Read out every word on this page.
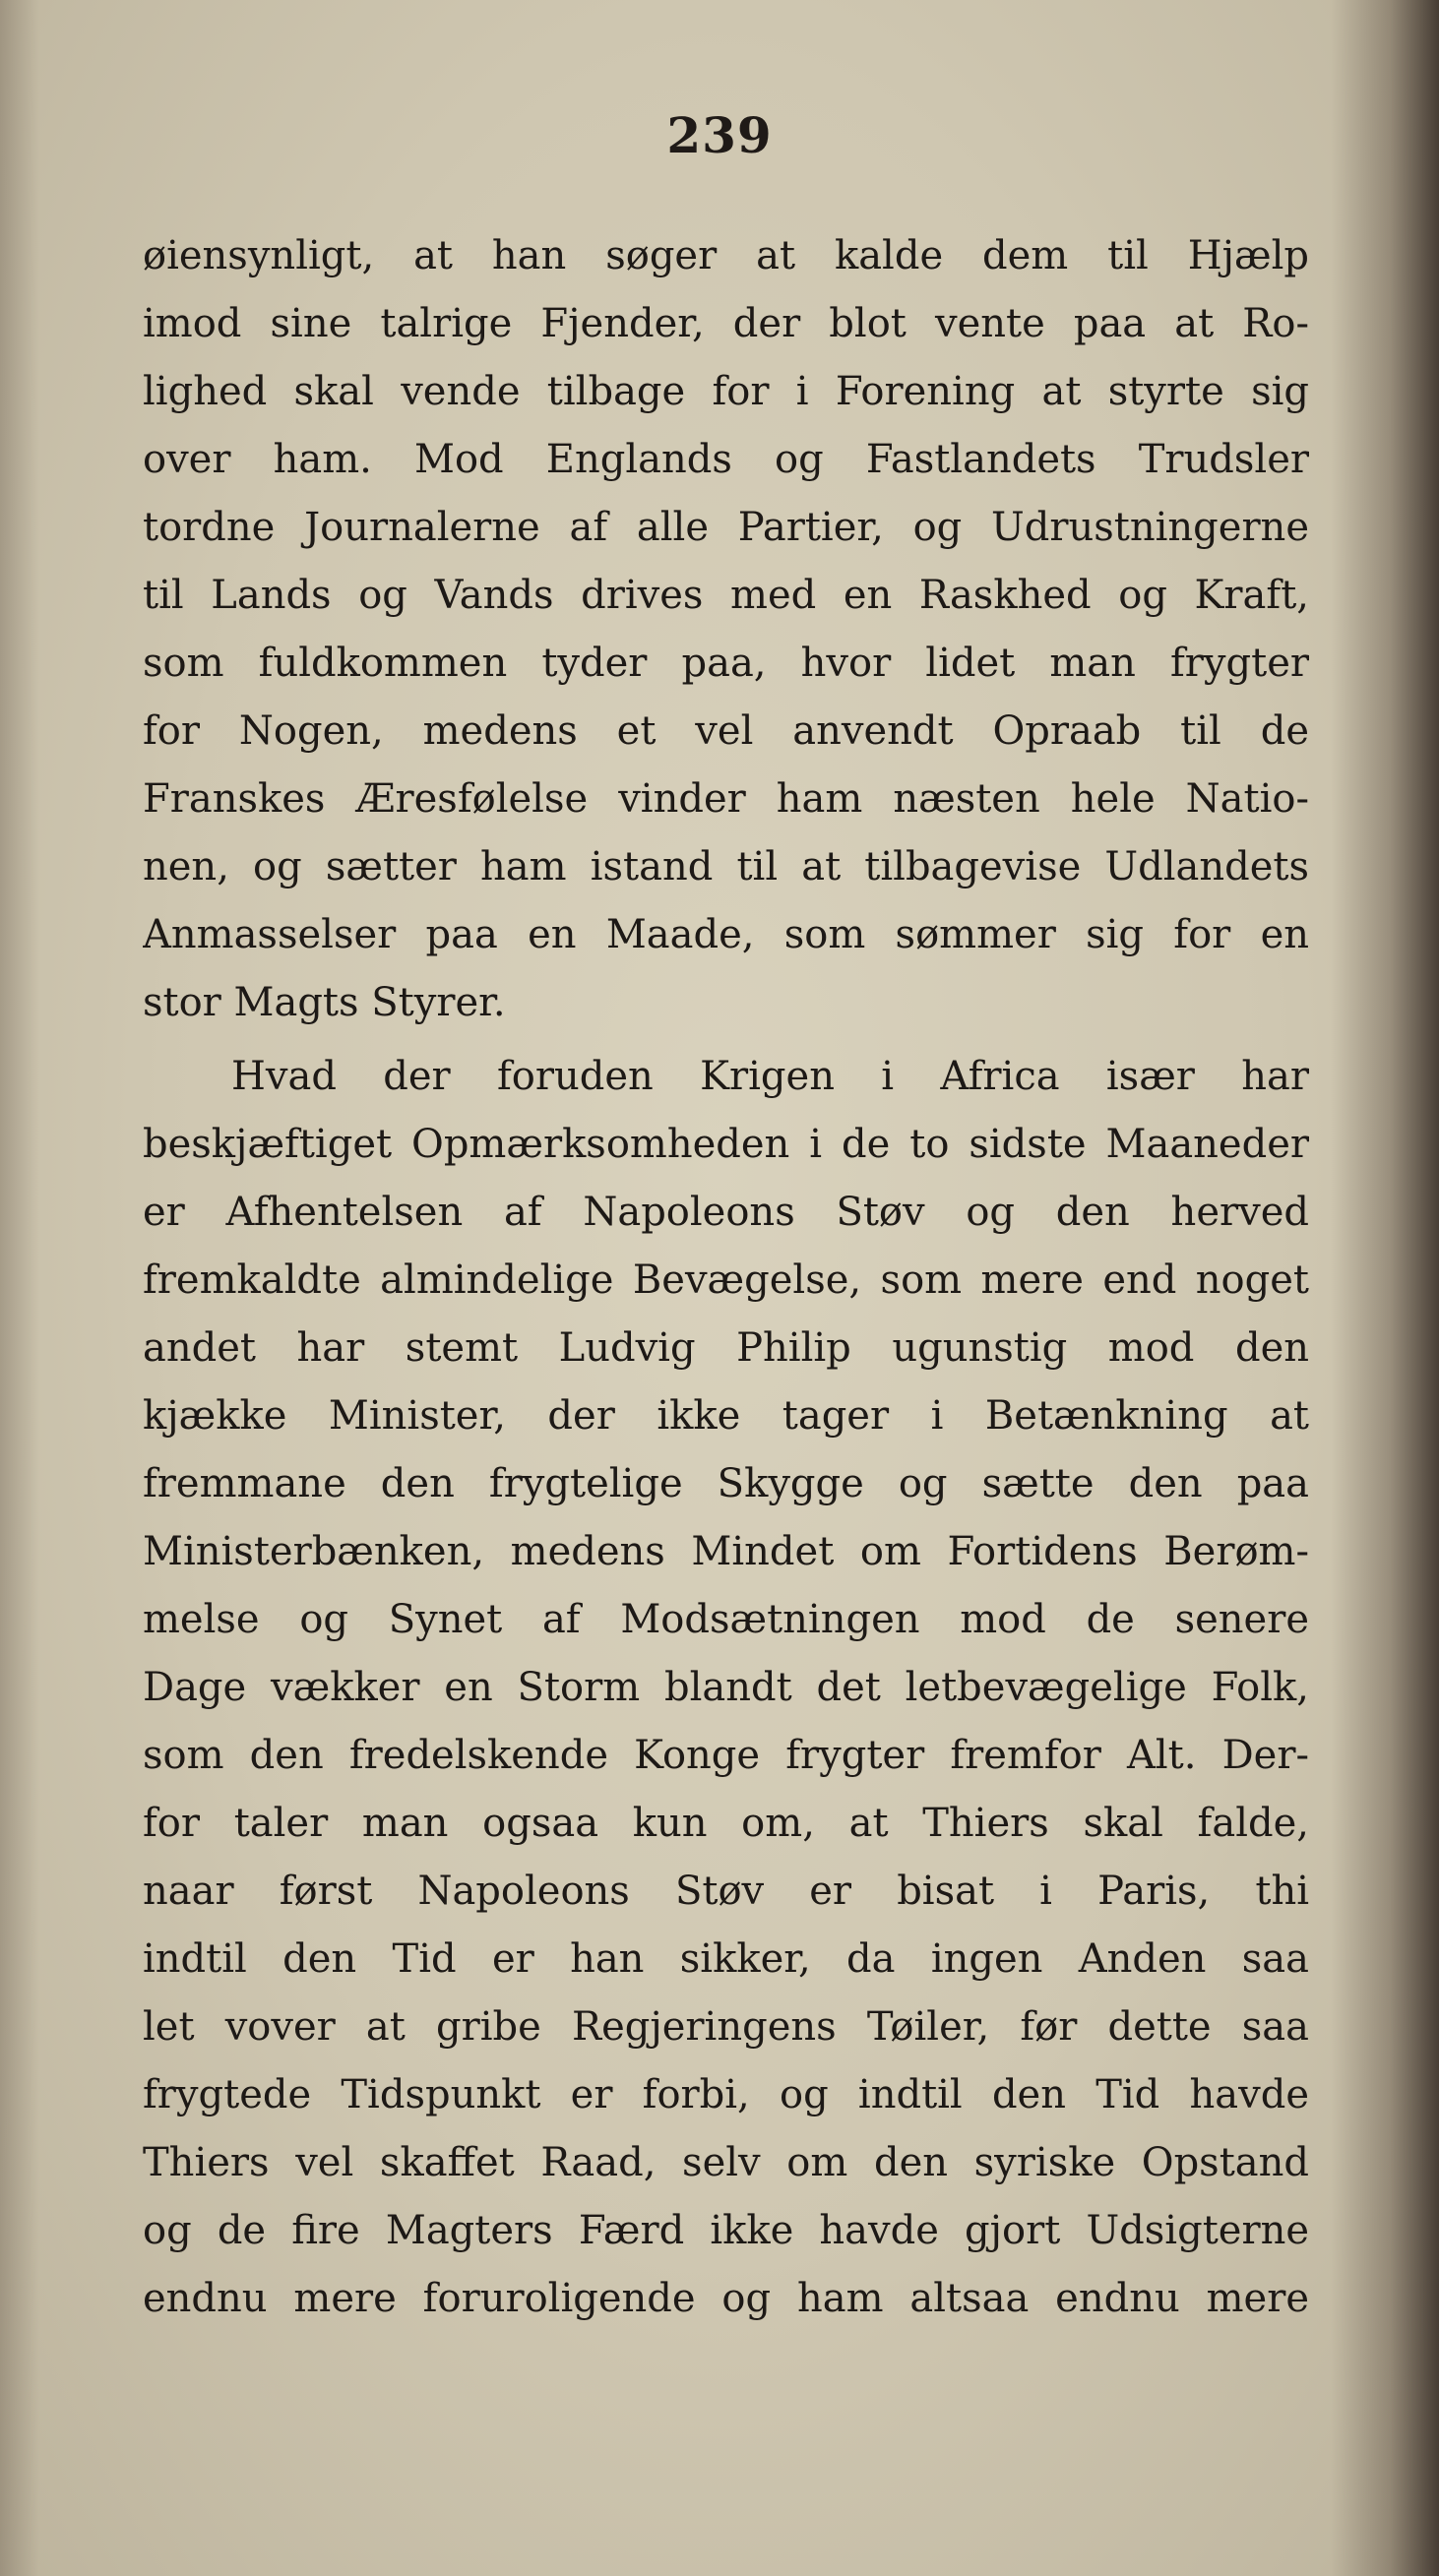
239
øiensynligt, at han søger at kalde dem til Hjælp
imod sine talrige Fjender, der blot vente paa at Ro-
lighed skal vende tilbage for i Forening at styrte sig
over ham. Mod Englands og Fastlandets Trudsler
tordne Journalerne af alle Partier, og Udrustningerne
til Lands og Vands drives med en Raskhed og Kraft,
som fuldkommen tyder paa, hvor lidet man frygter
for Nogen, medens et vel anvendt Opraab til de
Franskes Æresfølelse vinder ham næsten hele Natio-
nen, og sætter ham istand til at tilbagevise Udlandets
Anmasselser paa en Maade, som sømmer sig for en
stor Magts Styrer.
Hvad der foruden Krigen i Africa især har
beskjæftiget Opmærksomheden i de to sidste Maaneder
er Afhentelsen af Napoleons Støv og den herved
fremkaldte almindelige Bevægelse, som mere end noget
andet har stemt Ludvig Philip ugunstig mod den
kjække Minister, der ikke tager i Betænkning at
fremmane den frygtelige Skygge og sætte den paa
Ministerbænken, medens Mindet om Fortidens Berøm-
melse og Synet af Modsætningen mod de senere
Dage vækker en Storm blandt det letbevægelige Folk,
som den fredelskende Konge frygter fremfor Alt. Der-
for taler man ogsaa kun om, at Thiers skal falde,
naar først Napoleons Støv er bisat i Paris, thi
indtil den Tid er han sikker, da ingen Anden saa
let vover at gribe Regjeringens Tøiler, før dette saa
frygtede Tidspunkt er forbi, og indtil den Tid havde
Thiers vel skaffet Raad, selv om den syriske Opstand
og de fire Magters Færd ikke havde gjort Udsigterne
endnu mere foruroligende og ham altsaa endnu mere
